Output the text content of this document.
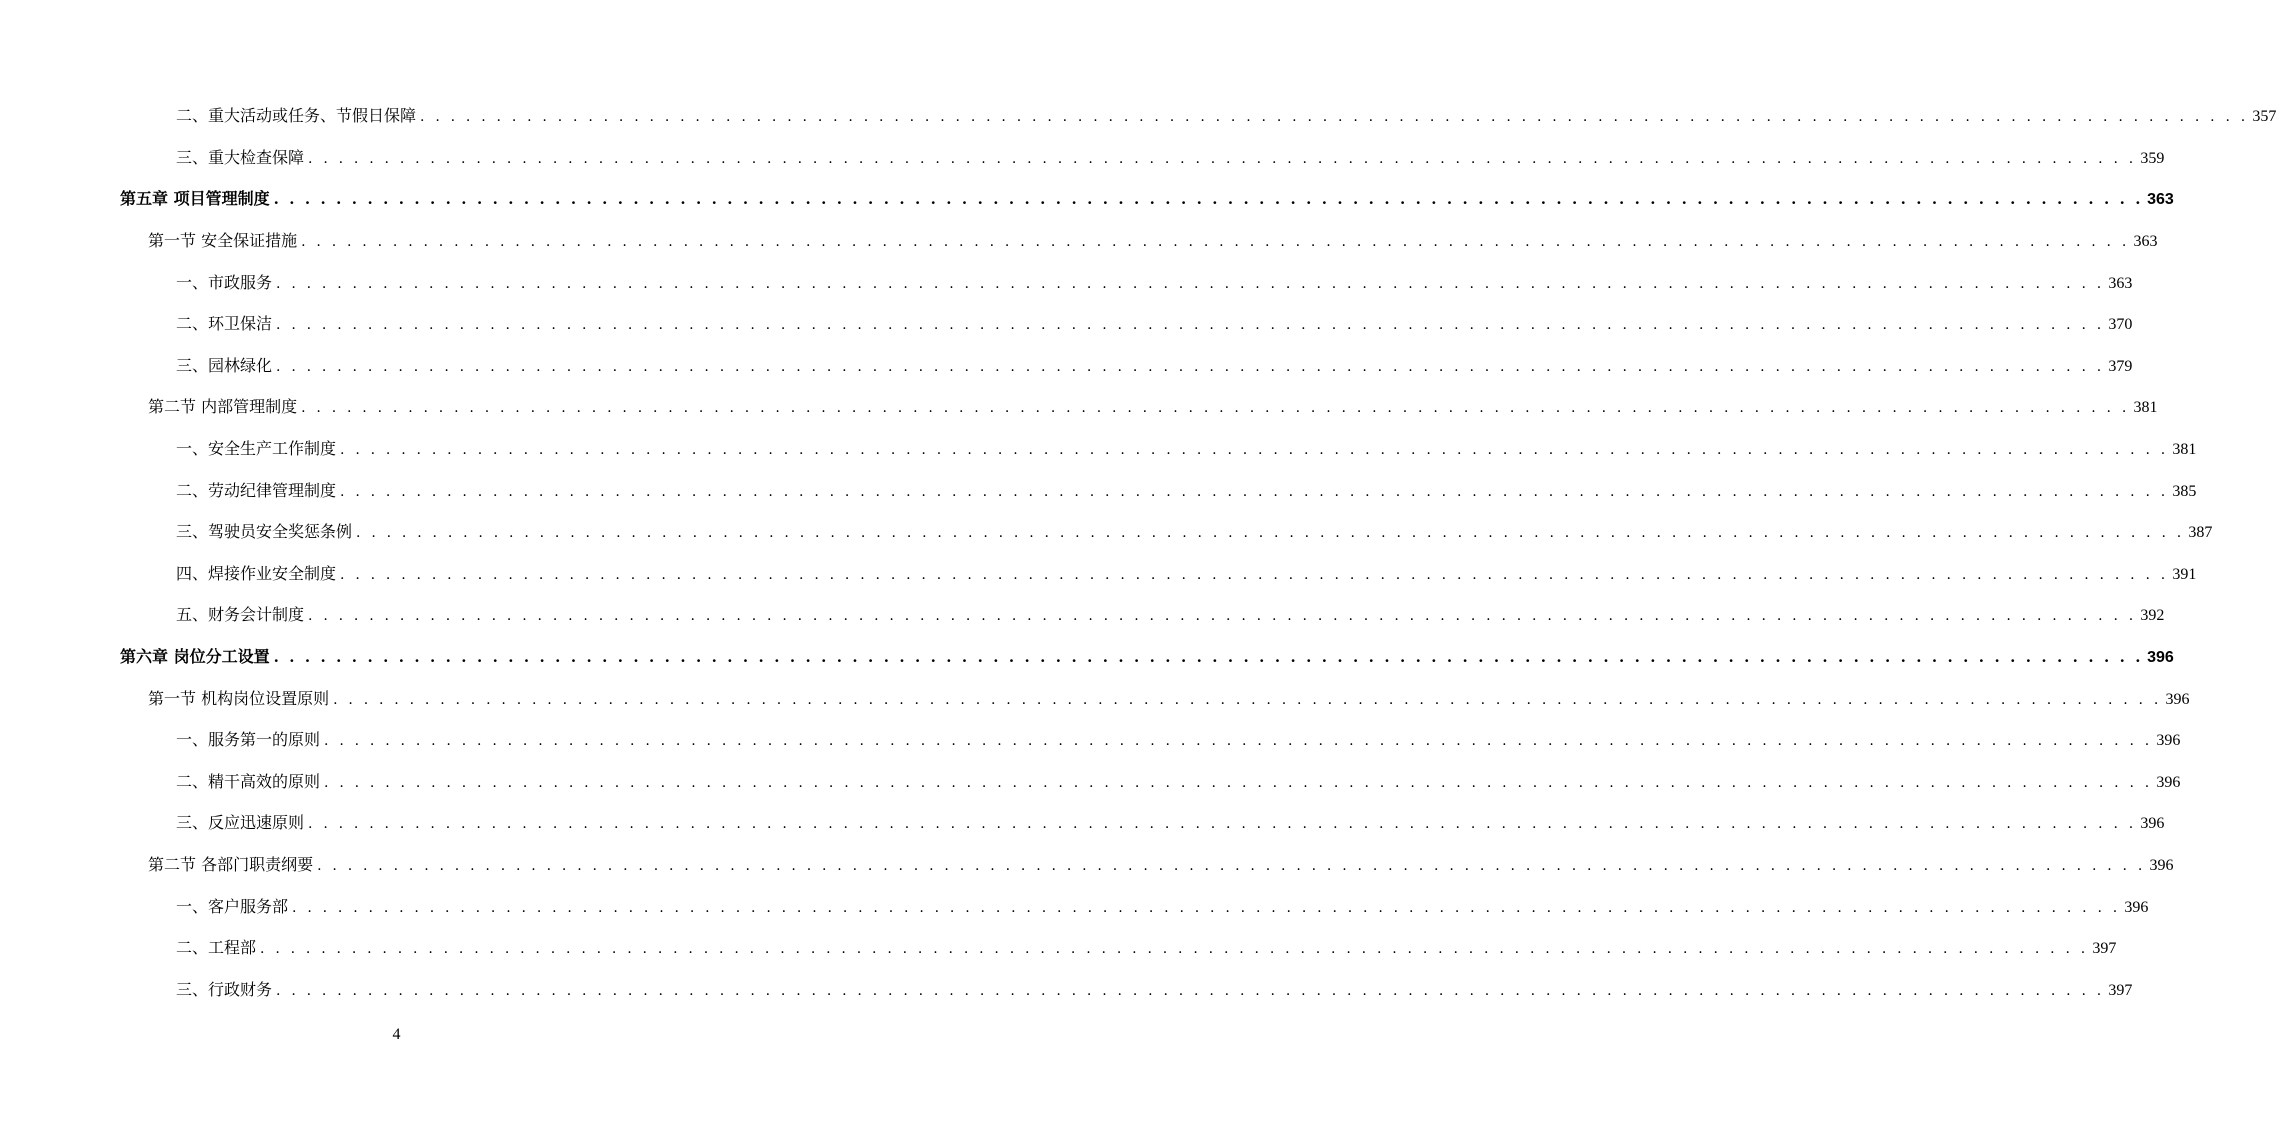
二、重大活动或任务、节假日保障 . . . . . . . . . . . . . . . . . . . . . . . . . . . . . . . . . . . . . . . . . . . . . . . . . . . . . . . . . . . . . . . . . . . . . . . . . . . . . . . . . . . . . . . . . . . . . . . . . . . . . . . . . . . . . . . . . . . . . . . . 357
三、重大检查保障 . . . . . . . . . . . . . . . . . . . . . . . . . . . . . . . . . . . . . . . . . . . . . . . . . . . . . . . . . . . . . . . . . . . . . . . . . . . . . . . . . . . . . . . . . . . . . . . . . . . . . . . . . . . . . . . . . . . . . . . . 359
第五章 项目管理制度 . . . . . . . . . . . . . . . . . . . . . . . . . . . . . . . . . . . . . . . . . . . . . . . . . . . . . . . . . . . . . . . . . . . . . . . . . . . . . . . . . . . . . . . . . . . . . . . . . . . . . . . . . . . . . . . . . . . . . . . . 363
第一节 安全保证措施 . . . . . . . . . . . . . . . . . . . . . . . . . . . . . . . . . . . . . . . . . . . . . . . . . . . . . . . . . . . . . . . . . . . . . . . . . . . . . . . . . . . . . . . . . . . . . . . . . . . . . . . . . . . . . . . . . . . . . . . . 363
一、市政服务 . . . . . . . . . . . . . . . . . . . . . . . . . . . . . . . . . . . . . . . . . . . . . . . . . . . . . . . . . . . . . . . . . . . . . . . . . . . . . . . . . . . . . . . . . . . . . . . . . . . . . . . . . . . . . . . . . . . . . . . . 363
二、环卫保洁 . . . . . . . . . . . . . . . . . . . . . . . . . . . . . . . . . . . . . . . . . . . . . . . . . . . . . . . . . . . . . . . . . . . . . . . . . . . . . . . . . . . . . . . . . . . . . . . . . . . . . . . . . . . . . . . . . . . . . . . . 370
三、园林绿化 . . . . . . . . . . . . . . . . . . . . . . . . . . . . . . . . . . . . . . . . . . . . . . . . . . . . . . . . . . . . . . . . . . . . . . . . . . . . . . . . . . . . . . . . . . . . . . . . . . . . . . . . . . . . . . . . . . . . . . . . 379
第二节 内部管理制度 . . . . . . . . . . . . . . . . . . . . . . . . . . . . . . . . . . . . . . . . . . . . . . . . . . . . . . . . . . . . . . . . . . . . . . . . . . . . . . . . . . . . . . . . . . . . . . . . . . . . . . . . . . . . . . . . . . . . . . . . 381
一、安全生产工作制度 . . . . . . . . . . . . . . . . . . . . . . . . . . . . . . . . . . . . . . . . . . . . . . . . . . . . . . . . . . . . . . . . . . . . . . . . . . . . . . . . . . . . . . . . . . . . . . . . . . . . . . . . . . . . . . . . . . . . . . . . 381
二、劳动纪律管理制度 . . . . . . . . . . . . . . . . . . . . . . . . . . . . . . . . . . . . . . . . . . . . . . . . . . . . . . . . . . . . . . . . . . . . . . . . . . . . . . . . . . . . . . . . . . . . . . . . . . . . . . . . . . . . . . . . . . . . . . . . 385
三、驾驶员安全奖惩条例 . . . . . . . . . . . . . . . . . . . . . . . . . . . . . . . . . . . . . . . . . . . . . . . . . . . . . . . . . . . . . . . . . . . . . . . . . . . . . . . . . . . . . . . . . . . . . . . . . . . . . . . . . . . . . . . . . . . . . . . . 387
四、焊接作业安全制度 . . . . . . . . . . . . . . . . . . . . . . . . . . . . . . . . . . . . . . . . . . . . . . . . . . . . . . . . . . . . . . . . . . . . . . . . . . . . . . . . . . . . . . . . . . . . . . . . . . . . . . . . . . . . . . . . . . . . . . . . 391
五、财务会计制度 . . . . . . . . . . . . . . . . . . . . . . . . . . . . . . . . . . . . . . . . . . . . . . . . . . . . . . . . . . . . . . . . . . . . . . . . . . . . . . . . . . . . . . . . . . . . . . . . . . . . . . . . . . . . . . . . . . . . . . . . 392
第六章 岗位分工设置 . . . . . . . . . . . . . . . . . . . . . . . . . . . . . . . . . . . . . . . . . . . . . . . . . . . . . . . . . . . . . . . . . . . . . . . . . . . . . . . . . . . . . . . . . . . . . . . . . . . . . . . . . . . . . . . . . . . . . . . . 396
第一节 机构岗位设置原则 . . . . . . . . . . . . . . . . . . . . . . . . . . . . . . . . . . . . . . . . . . . . . . . . . . . . . . . . . . . . . . . . . . . . . . . . . . . . . . . . . . . . . . . . . . . . . . . . . . . . . . . . . . . . . . . . . . . . . . . . 396
一、服务第一的原则 . . . . . . . . . . . . . . . . . . . . . . . . . . . . . . . . . . . . . . . . . . . . . . . . . . . . . . . . . . . . . . . . . . . . . . . . . . . . . . . . . . . . . . . . . . . . . . . . . . . . . . . . . . . . . . . . . . . . . . . . 396
二、精干高效的原则 . . . . . . . . . . . . . . . . . . . . . . . . . . . . . . . . . . . . . . . . . . . . . . . . . . . . . . . . . . . . . . . . . . . . . . . . . . . . . . . . . . . . . . . . . . . . . . . . . . . . . . . . . . . . . . . . . . . . . . . . 396
三、反应迅速原则 . . . . . . . . . . . . . . . . . . . . . . . . . . . . . . . . . . . . . . . . . . . . . . . . . . . . . . . . . . . . . . . . . . . . . . . . . . . . . . . . . . . . . . . . . . . . . . . . . . . . . . . . . . . . . . . . . . . . . . . . 396
第二节 各部门职责纲要 . . . . . . . . . . . . . . . . . . . . . . . . . . . . . . . . . . . . . . . . . . . . . . . . . . . . . . . . . . . . . . . . . . . . . . . . . . . . . . . . . . . . . . . . . . . . . . . . . . . . . . . . . . . . . . . . . . . . . . . . 396
一、客户服务部 . . . . . . . . . . . . . . . . . . . . . . . . . . . . . . . . . . . . . . . . . . . . . . . . . . . . . . . . . . . . . . . . . . . . . . . . . . . . . . . . . . . . . . . . . . . . . . . . . . . . . . . . . . . . . . . . . . . . . . . . 396
二、工程部 . . . . . . . . . . . . . . . . . . . . . . . . . . . . . . . . . . . . . . . . . . . . . . . . . . . . . . . . . . . . . . . . . . . . . . . . . . . . . . . . . . . . . . . . . . . . . . . . . . . . . . . . . . . . . . . . . . . . . . . . 397
三、行政财务 . . . . . . . . . . . . . . . . . . . . . . . . . . . . . . . . . . . . . . . . . . . . . . . . . . . . . . . . . . . . . . . . . . . . . . . . . . . . . . . . . . . . . . . . . . . . . . . . . . . . . . . . . . . . . . . . . . . . . . . . 397
4
